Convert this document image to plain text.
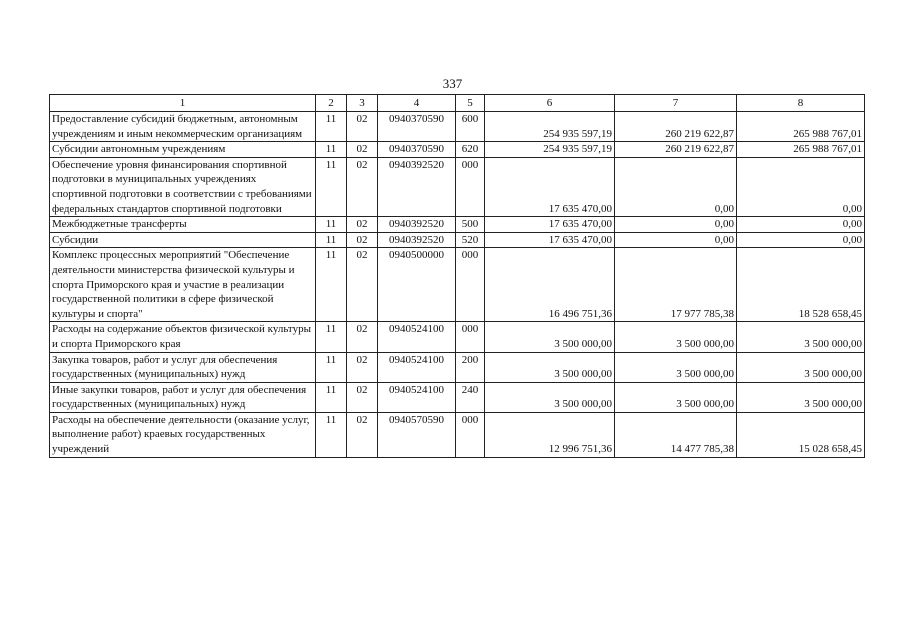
337
1	2	3	4	5	6	7	8
Предоставление субсидий бюджетным, автономным учреждениям и иным некоммерческим организациям	11	02	0940370590	600	254 935 597,19	260 219 622,87	265 988 767,01
Субсидии автономным учреждениям	11	02	0940370590	620	254 935 597,19	260 219 622,87	265 988 767,01
Обеспечение уровня финансирования спортивной подготовки в муниципальных учреждениях спортивной подготовки в соответствии с требованиями федеральных стандартов спортивной подготовки	11	02	0940392520	000	17 635 470,00	0,00	0,00
Межбюджетные трансферты	11	02	0940392520	500	17 635 470,00	0,00	0,00
Субсидии	11	02	0940392520	520	17 635 470,00	0,00	0,00
Комплекс процессных мероприятий "Обеспечение деятельности министерства физической культуры и спорта Приморского края и участие в реализации государственной политики в сфере физической культуры и спорта"	11	02	0940500000	000	16 496 751,36	17 977 785,38	18 528 658,45
Расходы на содержание объектов физической культуры и спорта Приморского края	11	02	0940524100	000	3 500 000,00	3 500 000,00	3 500 000,00
Закупка товаров, работ и услуг для обеспечения государственных (муниципальных) нужд	11	02	0940524100	200	3 500 000,00	3 500 000,00	3 500 000,00
Иные закупки товаров, работ и услуг для обеспечения государственных (муниципальных) нужд	11	02	0940524100	240	3 500 000,00	3 500 000,00	3 500 000,00
Расходы на обеспечение деятельности (оказание услуг, выполнение работ) краевых государственных учреждений	11	02	0940570590	000	12 996 751,36	14 477 785,38	15 028 658,45
